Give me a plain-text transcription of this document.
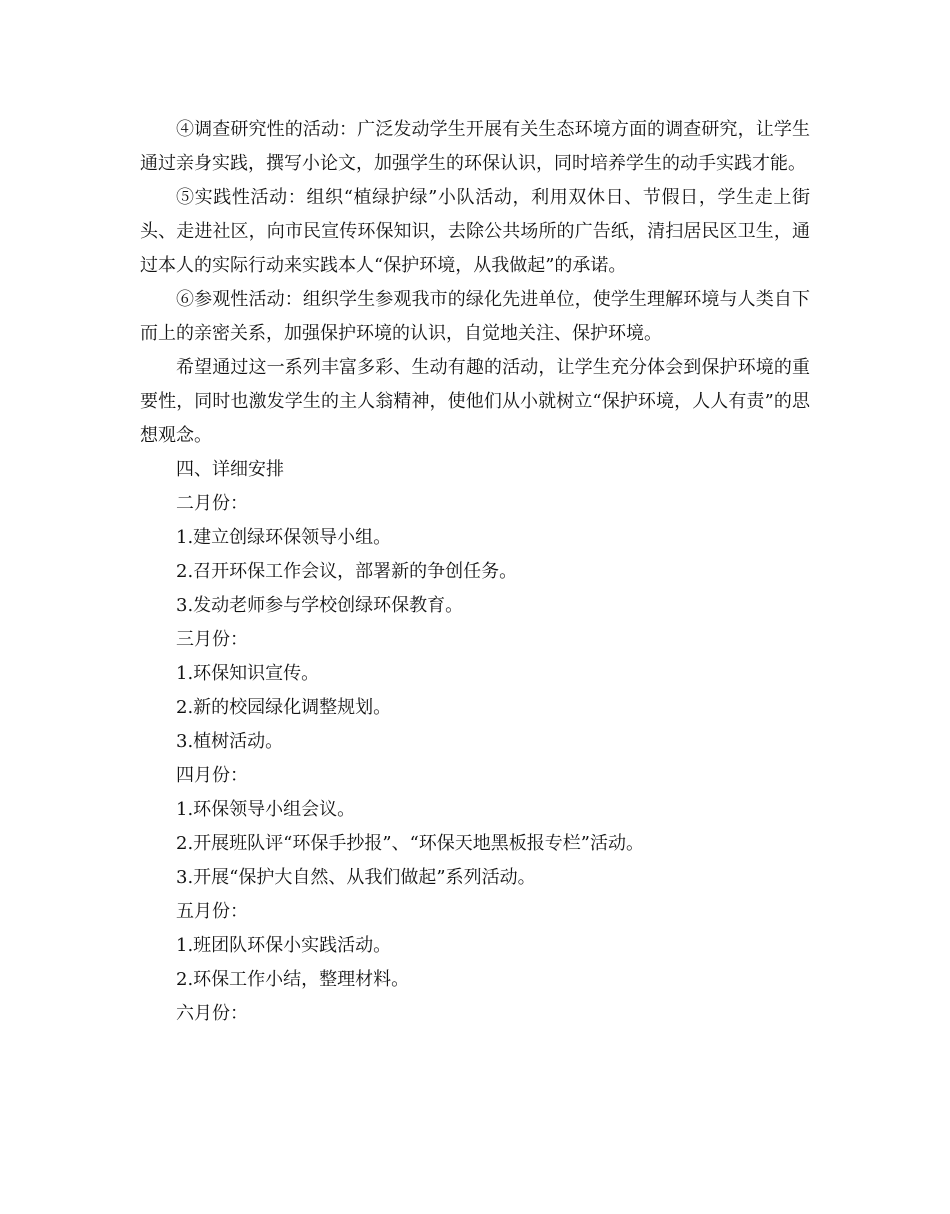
④调查研究性的活动：广泛发动学生开展有关生态环境方面的调查研究，让学生通过亲身实践，撰写小论文，加强学生的环保认识，同时培养学生的动手实践才能。

⑤实践性活动：组织“植绿护绿”小队活动，利用双休日、节假日，学生走上街头、走进社区，向市民宣传环保知识，去除公共场所的广告纸，清扫居民区卫生，通过本人的实际行动来实践本人“保护环境，从我做起”的承诺。

⑥参观性活动：组织学生参观我市的绿化先进单位，使学生理解环境与人类自下而上的亲密关系，加强保护环境的认识，自觉地关注、保护环境。

希望通过这一系列丰富多彩、生动有趣的活动，让学生充分体会到保护环境的重要性，同时也激发学生的主人翁精神，使他们从小就树立“保护环境，人人有责”的思想观念。

四、详细安排

二月份：

1.建立创绿环保领导小组。

2.召开环保工作会议，部署新的争创任务。

3.发动老师参与学校创绿环保教育。

三月份：

1.环保知识宣传。

2.新的校园绿化调整规划。

3.植树活动。

四月份：

1.环保领导小组会议。

2.开展班队评“环保手抄报”、“环保天地黑板报专栏”活动。

3.开展“保护大自然、从我们做起”系列活动。

五月份：

1.班团队环保小实践活动。

2.环保工作小结，整理材料。

六月份：
